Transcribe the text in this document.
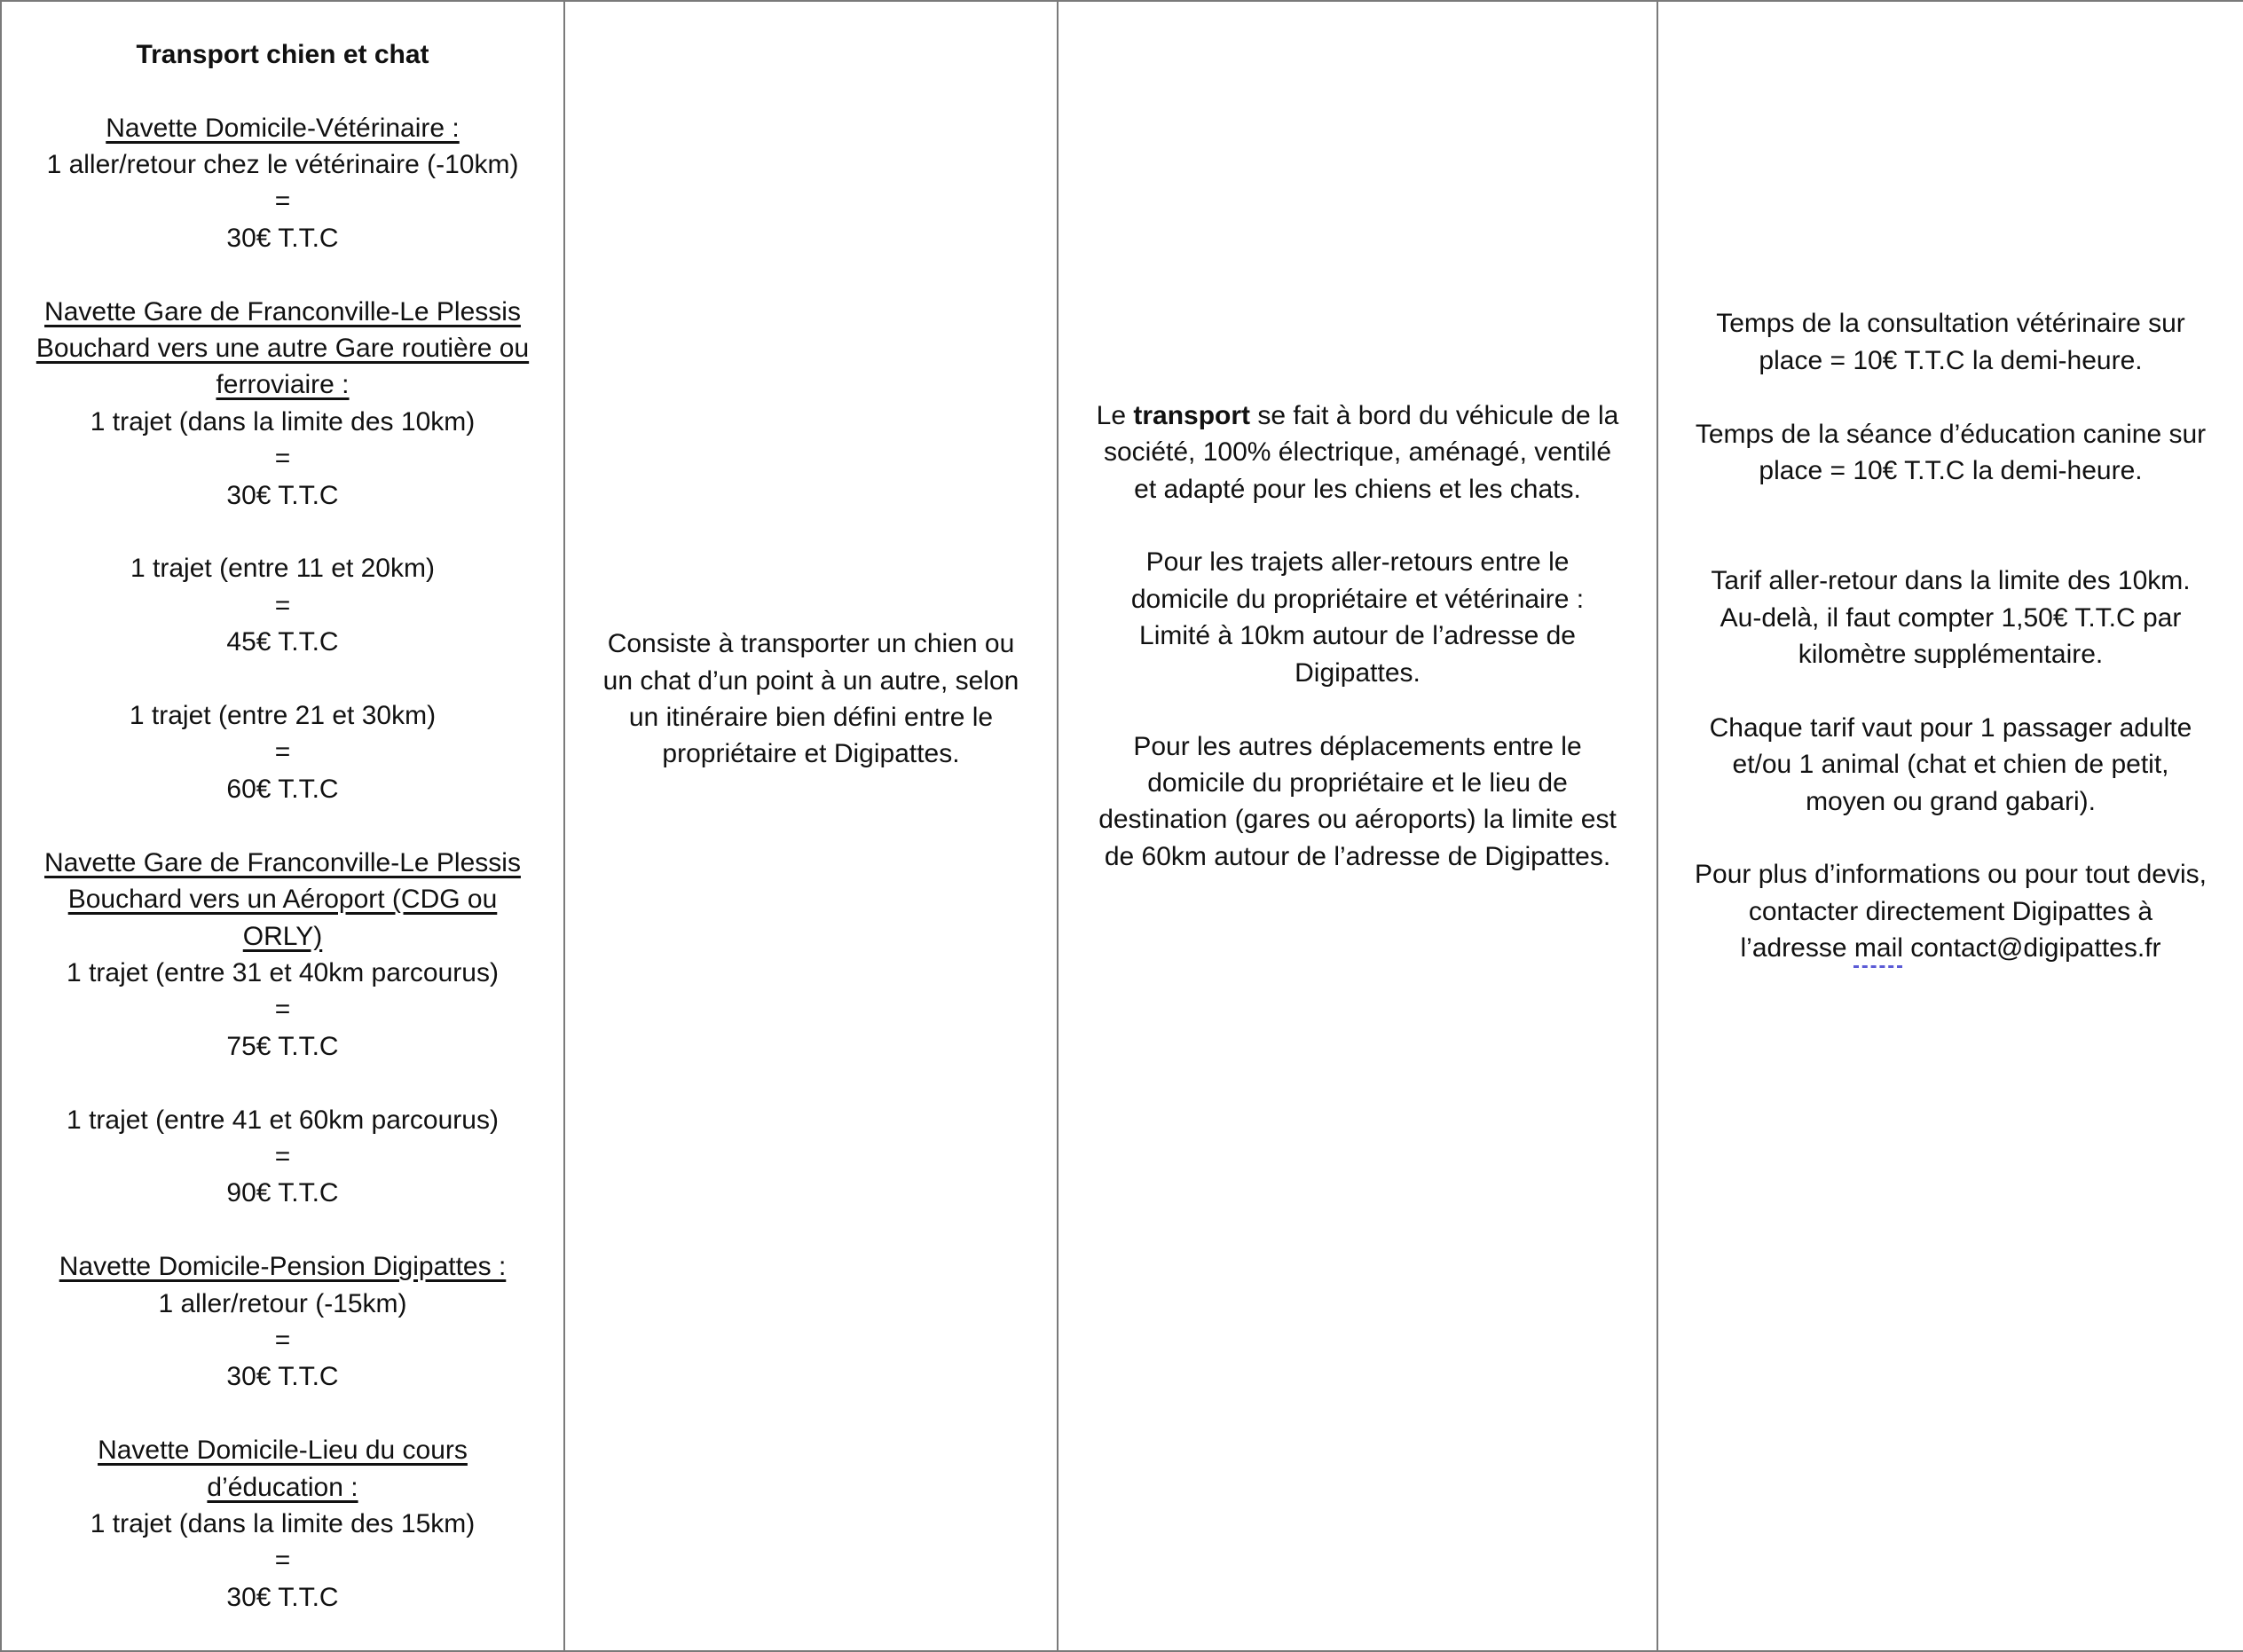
Transport chien et chat
Navette Domicile-Vétérinaire :
1 aller/retour chez le vétérinaire (-10km)
=
30€ T.T.C
Navette Gare de Franconville-Le Plessis
Bouchard vers une autre Gare routière ou
ferroviaire :
1 trajet (dans la limite des 10km)
=
30€ T.T.C
1 trajet (entre 11 et 20km)
=
45€ T.T.C
1 trajet (entre 21 et 30km)
=
60€ T.T.C
Navette Gare de Franconville-Le Plessis
Bouchard vers un Aéroport (CDG ou
ORLY)
1 trajet (entre 31 et 40km parcourus)
=
75€ T.T.C
1 trajet (entre 41 et 60km parcourus)
=
90€ T.T.C
Navette Domicile-Pension Digipattes :
1 aller/retour (-15km)
=
30€ T.T.C
Navette Domicile-Lieu du cours
d’éducation :
1 trajet (dans la limite des 15km)
=
30€ T.T.C

Consiste à transporter un chien ou
un chat d’un point à un autre, selon
un itinéraire bien défini entre le
propriétaire et Digipattes.

Le transport se fait à bord du véhicule de la
société, 100% électrique, aménagé, ventilé
et adapté pour les chiens et les chats.
Pour les trajets aller-retours entre le
domicile du propriétaire et vétérinaire :
Limité à 10km autour de l’adresse de
Digipattes.
Pour les autres déplacements entre le
domicile du propriétaire et le lieu de
destination (gares ou aéroports) la limite est
de 60km autour de l’adresse de Digipattes.

Temps de la consultation vétérinaire sur
place = 10€ T.T.C la demi-heure.
Temps de la séance d’éducation canine sur
place = 10€ T.T.C la demi-heure.
Tarif aller-retour dans la limite des 10km.
Au-delà, il faut compter 1,50€ T.T.C par
kilomètre supplémentaire.
Chaque tarif vaut pour 1 passager adulte
et/ou 1 animal (chat et chien de petit,
moyen ou grand gabari).
Pour plus d’informations ou pour tout devis,
contacter directement Digipattes à
l’adresse mail contact@digipattes.fr
